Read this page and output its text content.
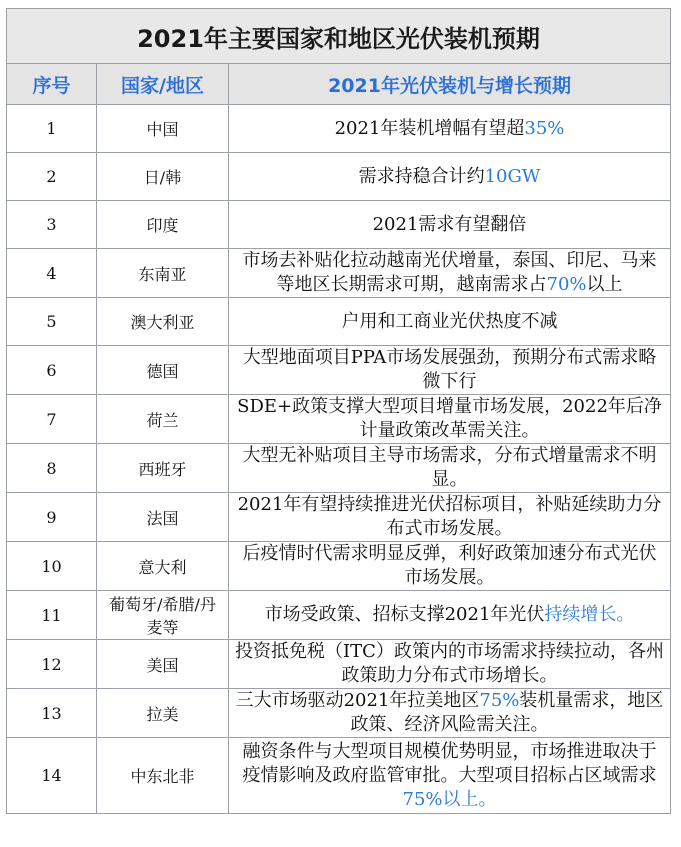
2021年主要国家和地区光伏装机预期		
序号	国家/地区	2021年光伏装机与增长预期
1	中国	2021年装机增幅有望超35%
2	日/韩	需求持稳合计约10GW
3	印度	2021需求有望翻倍
4	东南亚	市场去补贴化拉动越南光伏增量，泰国、印尼、马来等地区长期需求可期，越南需求占70%以上
5	澳大利亚	户用和工商业光伏热度不减
6	德国	大型地面项目PPA市场发展强劲，预期分布式需求略微下行
7	荷兰	SDE+政策支撑大型项目增量市场发展，2022年后净计量政策改革需关注。
8	西班牙	大型无补贴项目主导市场需求，分布式增量需求不明显。
9	法国	2021年有望持续推进光伏招标项目，补贴延续助力分布式市场发展。
10	意大利	后疫情时代需求明显反弹，利好政策加速分布式光伏市场发展。
11	葡萄牙/希腊/丹麦等	市场受政策、招标支撑2021年光伏持续增长。
12	美国	投资抵免税（ITC）政策内的市场需求持续拉动，各州政策助力分布式市场增长。
13	拉美	三大市场驱动2021年拉美地区75%装机量需求，地区政策、经济风险需关注。
14	中东北非	融资条件与大型项目规模优势明显，市场推进取决于疫情影响及政府监管审批。大型项目招标占区域需求75%以上。
